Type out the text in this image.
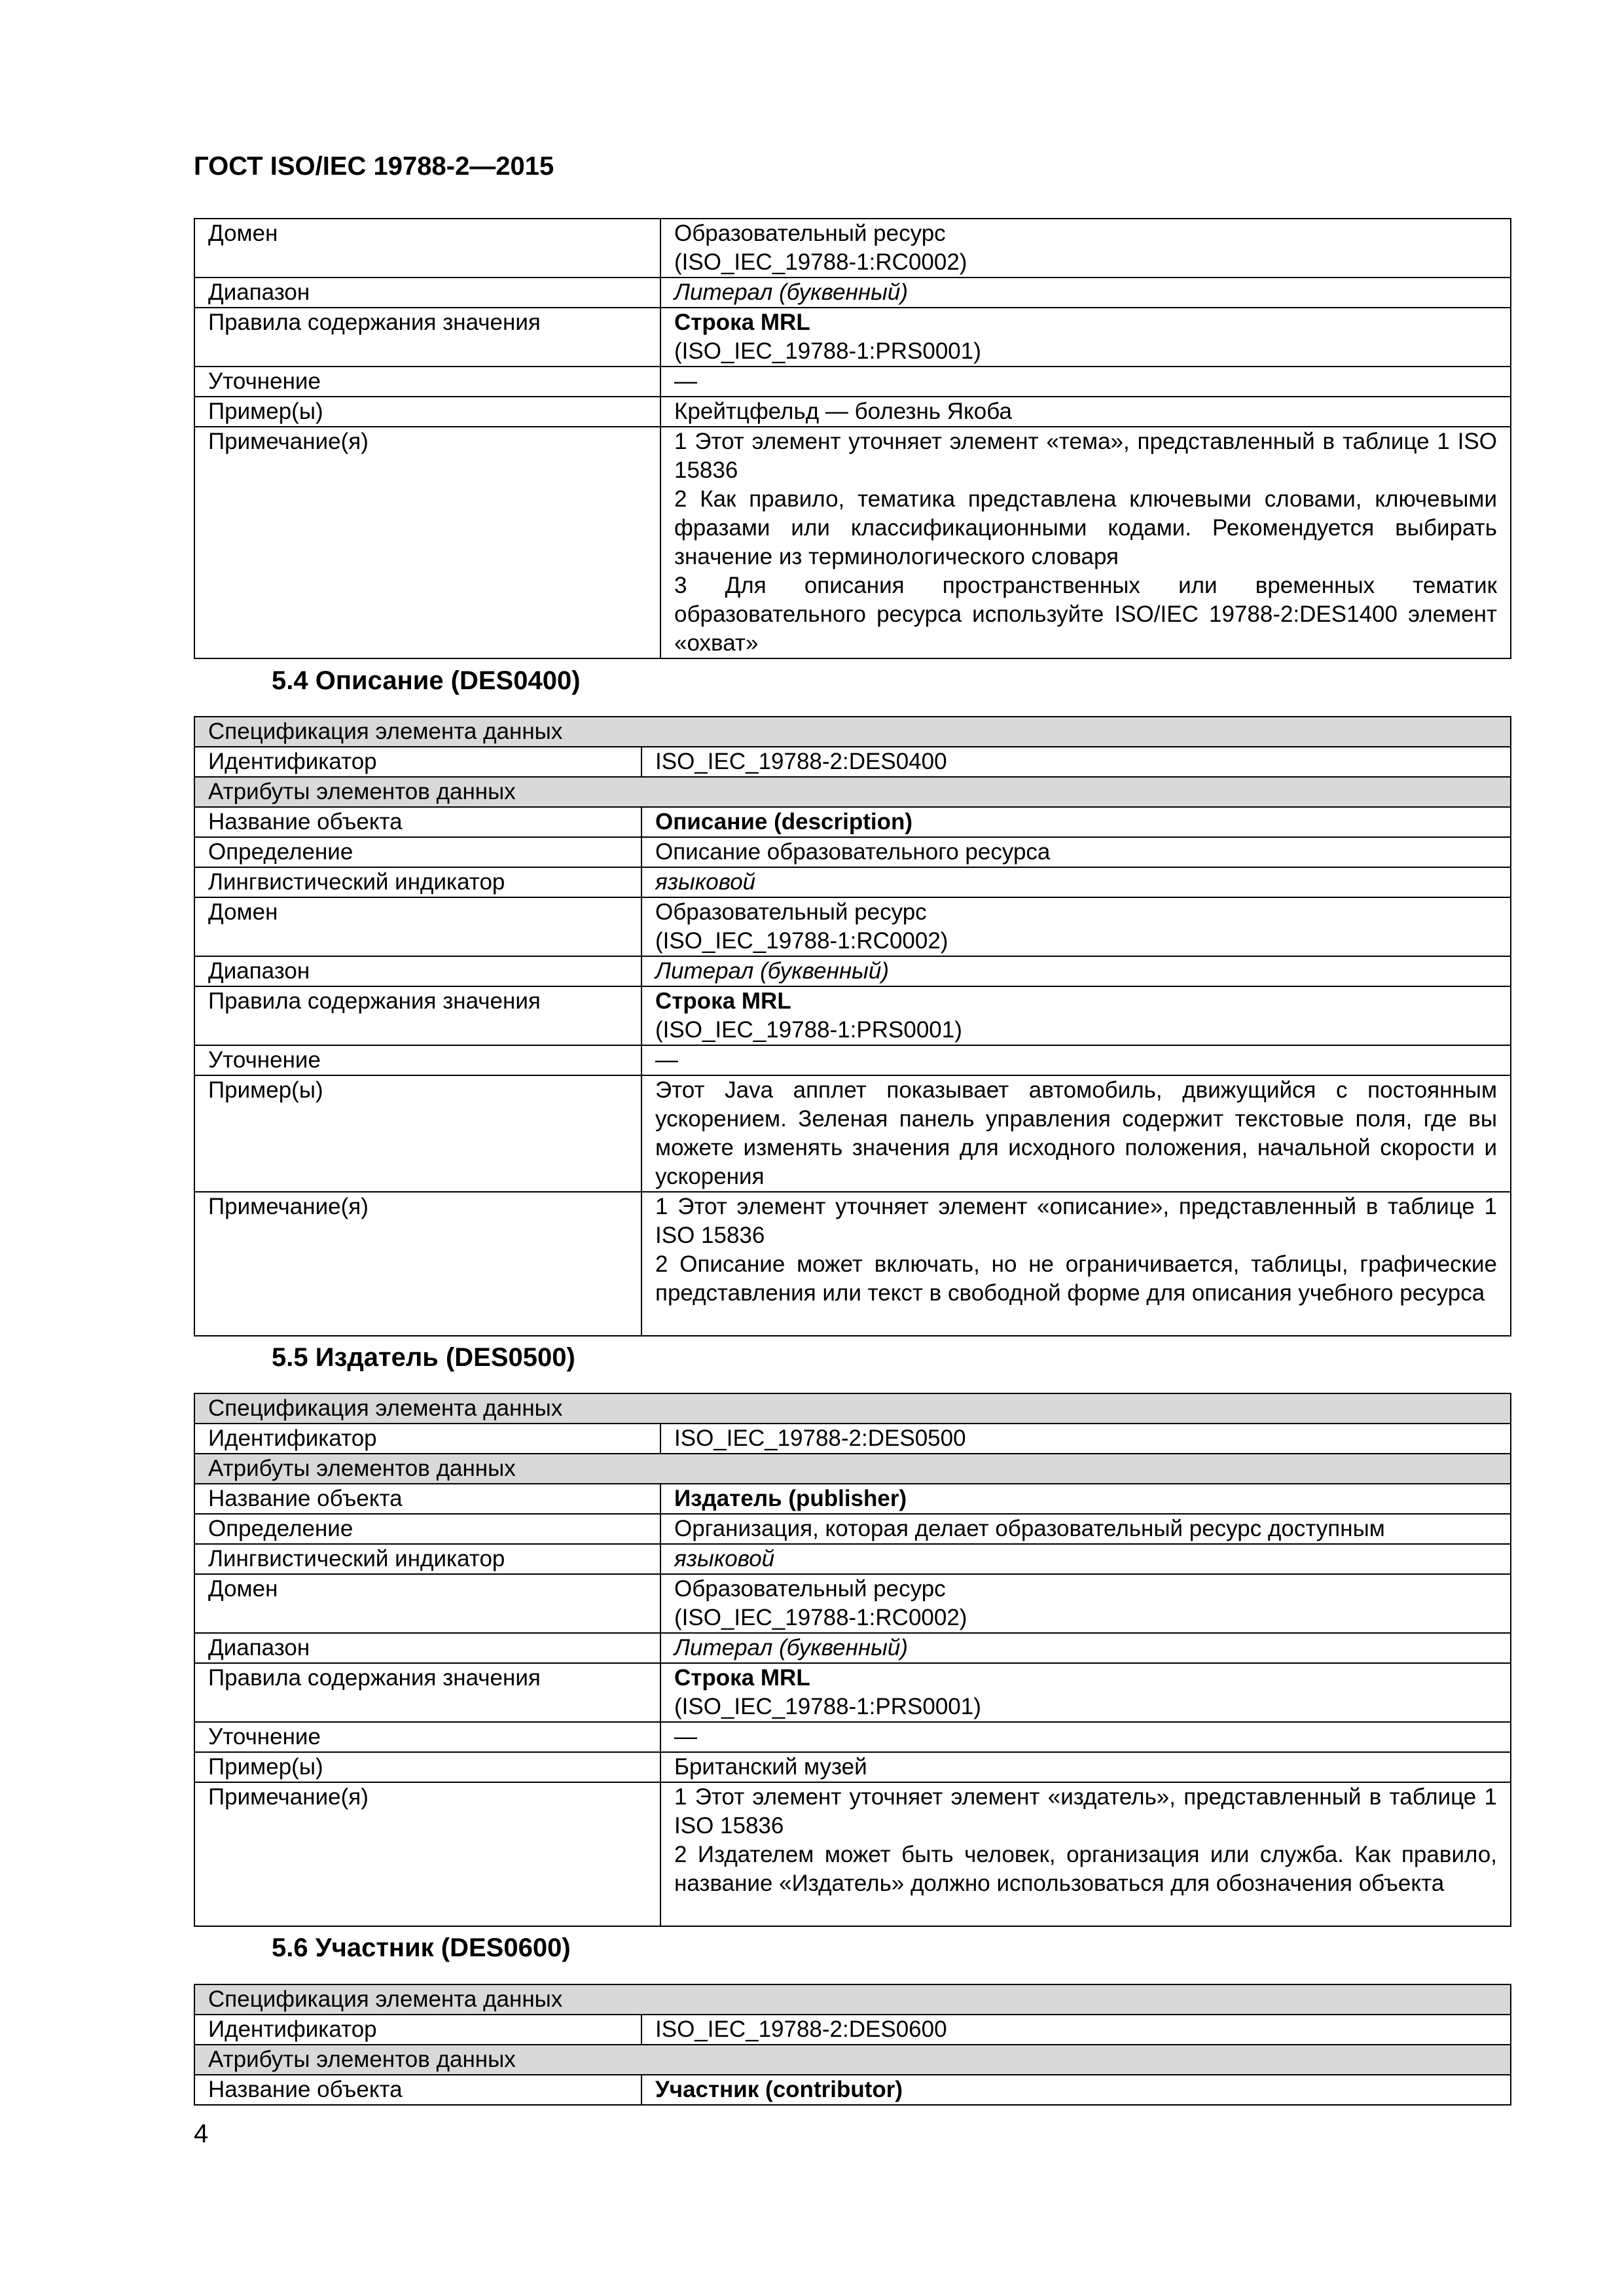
ГОСТ ISO/IEC 19788-2—2015
Домен	Образовательный ресурс
(ISO_IEC_19788-1:RC0002)

Диапазон	Литерал (буквенный)
Правила содержания значения	Строка MRL
(ISO_IEC_19788-1:PRS0001)

Уточнение	—
Пример(ы)	Крейтцфельд — болезнь Якоба
Примечание(я)	1 Этот элемент уточняет элемент «тема», представленный в таблице 1 ISO 15836
2 Как правило, тематика представлена ключевыми словами, ключевыми фразами или классификационными кодами. Рекомендуется выбирать значение из терминологического словаря
3 Для описания пространственных или временных тематик образовательного ресурса используйте ISO/IEC 19788-2:DES1400 элемент «охват»
5.4 Описание (DES0400)
Спецификация элемента данных	
Идентификатор	ISO_IEC_19788-2:DES0400
Атрибуты элементов данных	
Название объекта	Описание (description)
Определение	Описание образовательного ресурса
Лингвистический индикатор	языковой
Домен	Образовательный ресурс
(ISO_IEC_19788-1:RC0002)

Диапазон	Литерал (буквенный)
Правила содержания значения	Строка MRL
(ISO_IEC_19788-1:PRS0001)

Уточнение	—
Пример(ы)	Этот Java апплет показывает автомобиль, движущийся с постоянным ускорением. Зеленая панель управления содержит текстовые поля, где вы можете изменять значения для исходного положения, начальной скорости и ускорения
Примечание(я)	1 Этот элемент уточняет элемент «описание», представленный в таблице 1 ISO 15836
2 Описание может включать, но не ограничивается, таблицы, графические представления или текст в свободной форме для описания учебного ресурса
5.5 Издатель (DES0500)
Спецификация элемента данных	
Идентификатор	ISO_IEC_19788-2:DES0500
Атрибуты элементов данных	
Название объекта	Издатель (publisher)
Определение	Организация, которая делает образовательный ресурс доступным
Лингвистический индикатор	языковой
Домен	Образовательный ресурс
(ISO_IEC_19788-1:RC0002)

Диапазон	Литерал (буквенный)
Правила содержания значения	Строка MRL
(ISO_IEC_19788-1:PRS0001)

Уточнение	—
Пример(ы)	Британский музей
Примечание(я)	1 Этот элемент уточняет элемент «издатель», представленный в таблице 1 ISO 15836
2 Издателем может быть человек, организация или служба. Как правило, название «Издатель» должно использоваться для обозначения объекта
5.6 Участник (DES0600)
Спецификация элемента данных	
Идентификатор	ISO_IEC_19788-2:DES0600
Атрибуты элементов данных	
Название объекта	Участник (contributor)
4
